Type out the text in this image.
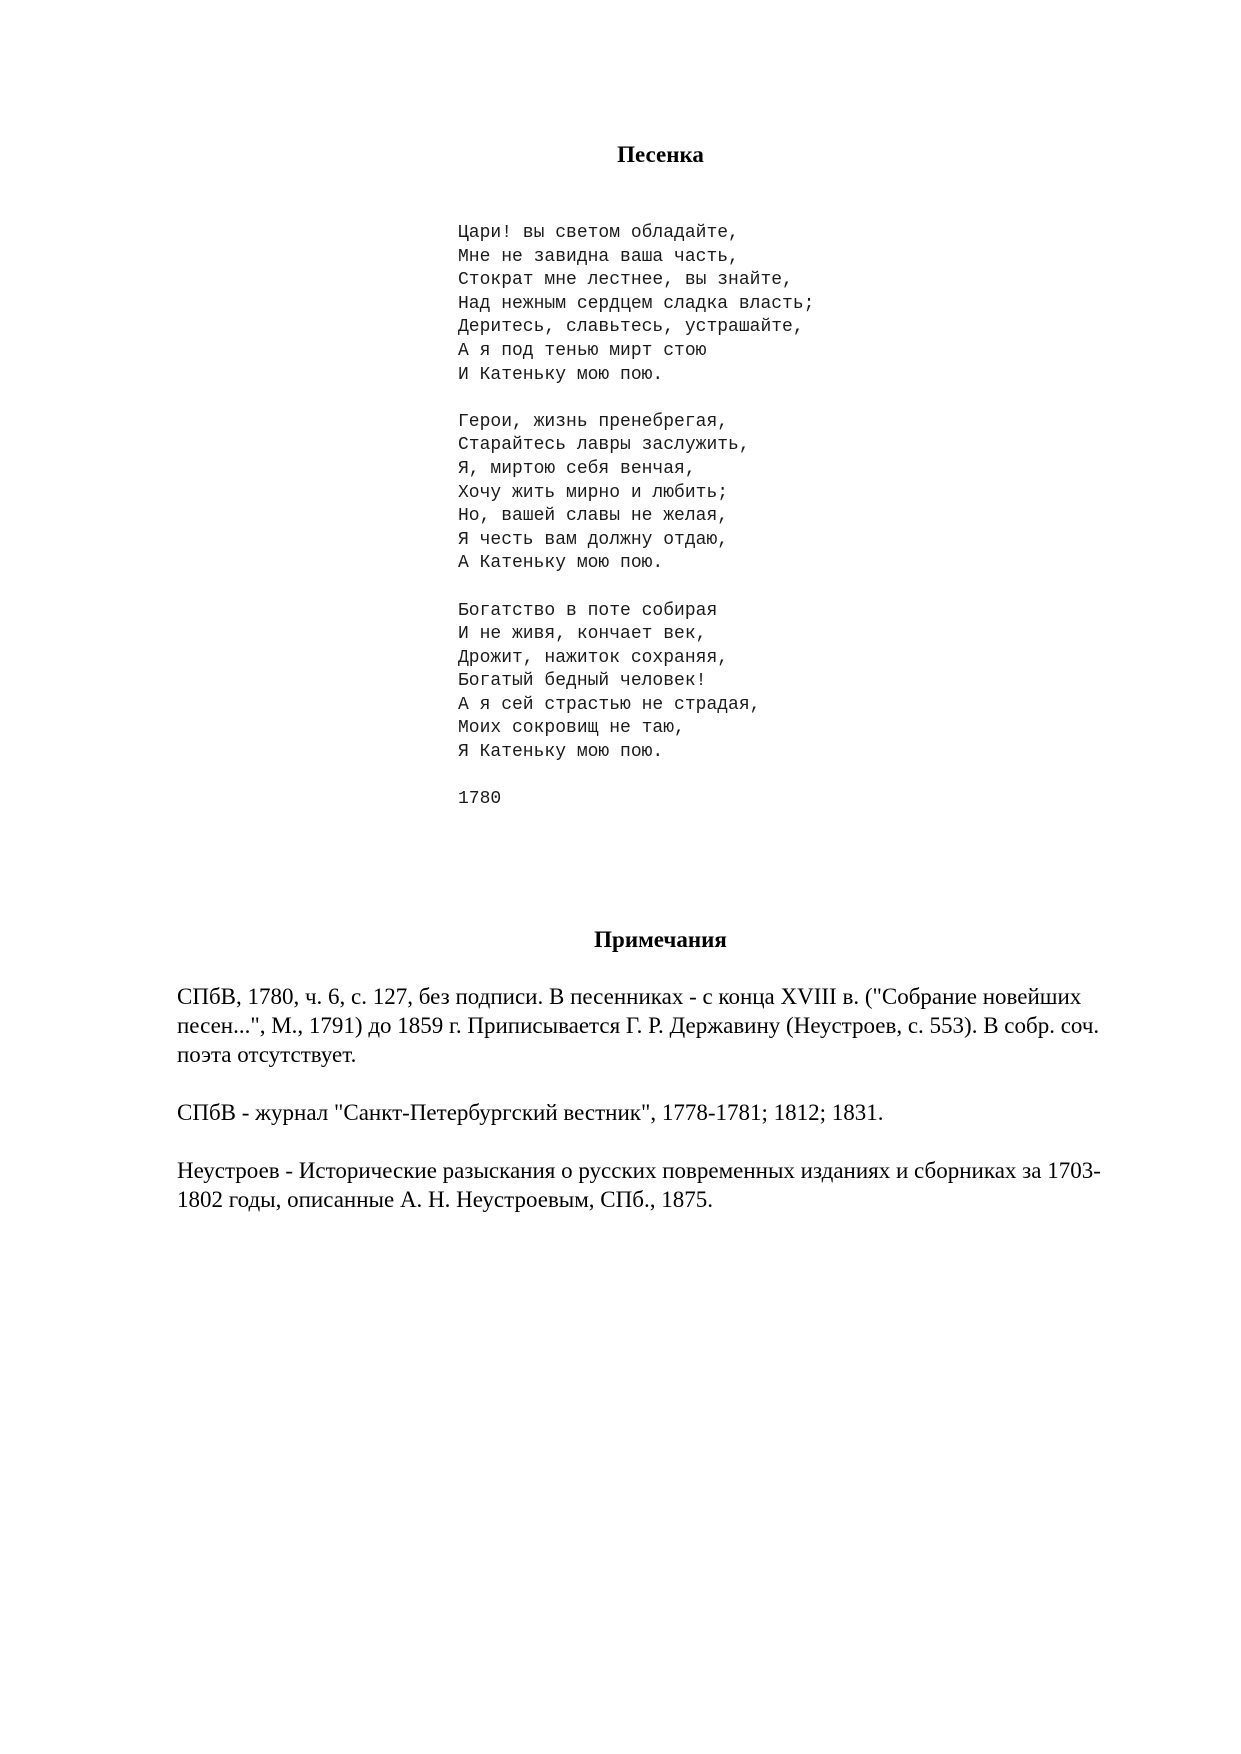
Песенка
Цари! вы светом обладайте,
Мне не завидна ваша часть,
Стократ мне лестнее, вы знайте,
Над нежным сердцем сладка власть;
Деритесь, славьтесь, устрашайте,
А я под тенью мирт стою
И Катеньку мою пою.
Герои, жизнь пренебрегая,
Старайтесь лавры заслужить,
Я, миртою себя венчая,
Хочу жить мирно и любить;
Но, вашей славы не желая,
Я честь вам должну отдаю,
А Катеньку мою пою.
Богатство в поте собирая
И не живя, кончает век,
Дрожит, нажиток сохраняя,
Богатый бедный человек!
А я сей страстью не страдая,
Моих сокровищ не таю,
Я Катеньку мою пою.
1780
Примечания

СПбВ, 1780, ч. 6, с. 127, без подписи. В песенниках - с конца XVIII в. ("Собрание новейших песен...", М., 1791) до 1859 г. Приписывается Г. Р. Державину (Неустроев, с. 553). В собр. соч. поэта отсутствует.

СПбВ - журнал "Санкт-Петербургский вестник", 1778-1781; 1812; 1831.

Неустроев - Исторические разыскания о русских повременных изданиях и сборниках за 1703-1802 годы, описанные А. Н. Неустроевым, СПб., 1875.
